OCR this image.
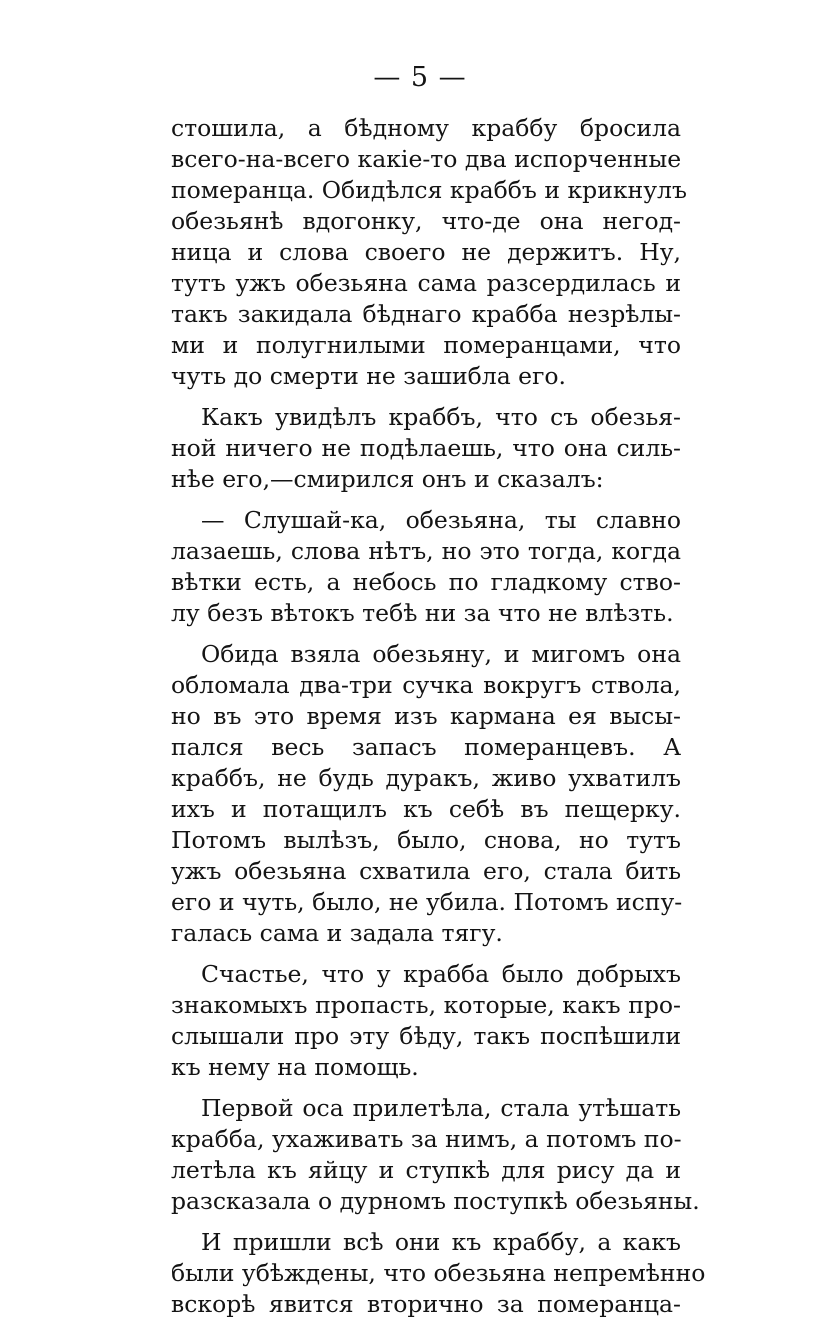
— 5 —
стошила, а бѣдному краббу бросила
всего-на-всего какіе-то два испорченные
померанца. Обидѣлся краббъ и крикнулъ
обезьянѣ вдогонку, что-де она негод-
ница и слова своего не держитъ. Ну,
тутъ ужъ обезьяна сама разсердилась и
такъ закидала бѣднаго крабба незрѣлы-
ми и полугнилыми померанцами, что
чуть до смерти не зашибла его.
Какъ увидѣлъ краббъ, что съ обезья-
ной ничего не подѣлаешь, что она силь-
нѣе его,—смирился онъ и сказалъ:
— Слушай-ка, обезьяна, ты славно
лазаешь, слова нѣтъ, но это тогда, когда
вѣтки есть, а небось по гладкому ство-
лу безъ вѣтокъ тебѣ ни за что не влѣзть.
Обида взяла обезьяну, и мигомъ она
обломала два-три сучка вокругъ ствола,
но въ это время изъ кармана ея высы-
пался весь запасъ померанцевъ. А
краббъ, не будь дуракъ, живо ухватилъ
ихъ и потащилъ къ себѣ въ пещерку.
Потомъ вылѣзъ, было, снова, но тутъ
ужъ обезьяна схватила его, стала бить
его и чуть, было, не убила. Потомъ испу-
галась сама и задала тягу.
Счастье, что у крабба было добрыхъ
знакомыхъ пропасть, которые, какъ про-
слышали про эту бѣду, такъ поспѣшили
къ нему на помощь.
Первой оса прилетѣла, стала утѣшать
крабба, ухаживать за нимъ, а потомъ по-
летѣла къ яйцу и ступкѣ для рису да и
разсказала о дурномъ поступкѣ обезьяны.
И пришли всѣ они къ краббу, а какъ
были убѣждены, что обезьяна непремѣнно
вскорѣ явится вторично за померанца-
